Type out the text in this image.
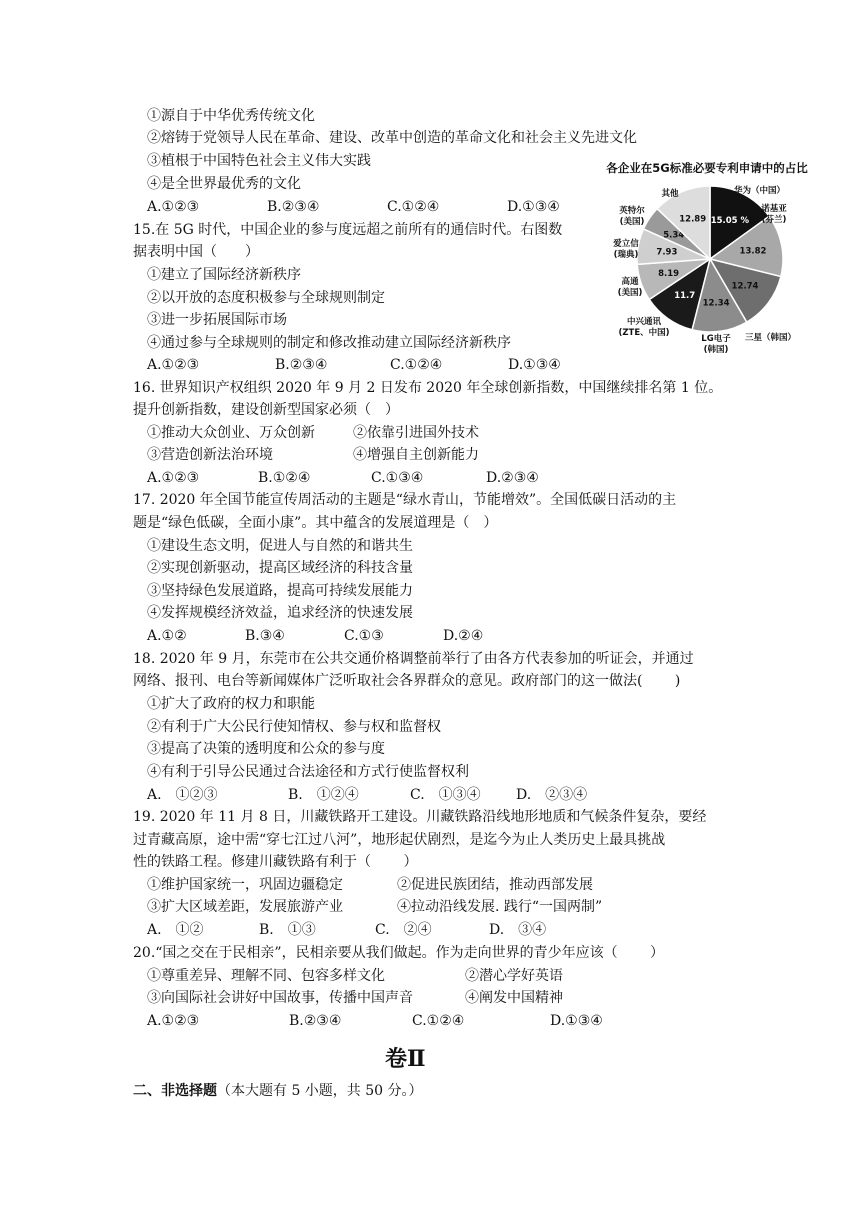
①源自于中华优秀传统文化
②熔铸于党领导人民在革命、建设、改革中创造的革命文化和社会主义先进文化
③植根于中国特色社会主义伟大实践
④是全世界最优秀的文化
A.①②③	B.②③④	C.①②④	D.①③④
15.在 5G 时代，中国企业的参与度远超之前所有的通信时代。右图数
据表明中国（　　）
①建立了国际经济新秩序
②以开放的态度积极参与全球规则制定
③进一步拓展国际市场
④通过参与全球规则的制定和修改推动建立国际经济新秩序
A.①②③	B.②③④	C.①②④	D.①③④
各企业在5G标准必要专利申请中的占比
15.05 %
13.82
12.74
12.34
11.7
8.19
7.93
5.34
12.89
华为（中国）
诺基亚
(芬兰)
三星（韩国）
LG电子
(韩国)
中兴通讯
(ZTE、中国)
高通
(美国)
爱立信
(瑞典)
英特尔
(美国)
其他
16. 世界知识产权组织 2020 年 9 月 2 日发布 2020 年全球创新指数，中国继续排名第 1 位。
提升创新指数，建设创新型国家必须（　）
①推动大众创业、万众创新	②依靠引进国外技术
③营造创新法治环境	④增强自主创新能力
A.①②③	B.①②④	C.①③④	D.②③④
17. 2020 年全国节能宣传周活动的主题是“绿水青山，节能增效”。全国低碳日活动的主
题是“绿色低碳，全面小康”。其中蕴含的发展道理是（　）
①建设生态文明，促进人与自然的和谐共生
②实现创新驱动，提高区域经济的科技含量
③坚持绿色发展道路，提高可持续发展能力
④发挥规模经济效益，追求经济的快速发展
A.①②	B.③④	C.①③	D.②④
18. 2020 年 9 月，东莞市在公共交通价格调整前举行了由各方代表参加的听证会，并通过
网络、报刊、电台等新闻媒体广泛听取社会各界群众的意见。政府部门的这一做法(　　 )
①扩大了政府的权力和职能
②有利于广大公民行使知情权、参与权和监督权
③提高了决策的透明度和公众的参与度
④有利于引导公民通过合法途径和方式行使监督权利
A.　①②③	B.　①②④	C.　①③④	D.　②③④
19. 2020 年 11 月 8 日，川藏铁路开工建设。川藏铁路沿线地形地质和气候条件复杂，要经
过青藏高原，途中需“穿七江过八河”，地形起伏剧烈，是迄今为止人类历史上最具挑战
性的铁路工程。修建川藏铁路有利于（　　 ）
①维护国家统一，巩固边疆稳定	②促进民族团结，推动西部发展
③扩大区域差距，发展旅游产业	④拉动沿线发展. 践行“一国两制”
A.　①②	B.　①③	C.　②④	D.　③④
20.“国之交在于民相亲”，民相亲要从我们做起。作为走向世界的青少年应该（　　 ）
①尊重差异、理解不同、包容多样文化	②潜心学好英语
③向国际社会讲好中国故事，传播中国声音	④阐发中国精神
A.①②③	B.②③④	C.①②④	D.①③④
卷Ⅱ
二、非选择题（本大题有 5 小题，共 50 分。）
